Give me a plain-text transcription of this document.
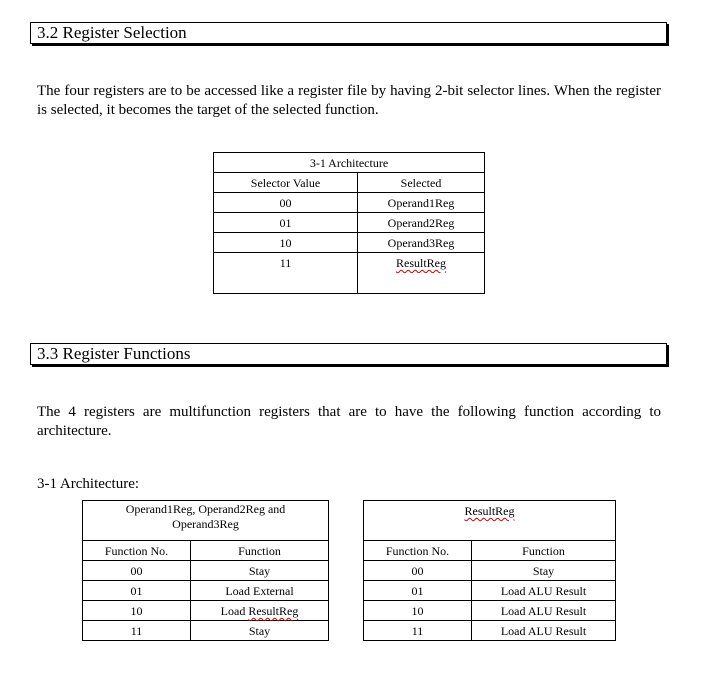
3.2 Register Selection
The four registers are to be accessed like a register file by having 2-bit selector lines. When the register is selected, it becomes the target of the selected function.
3-1 Architecture	
Selector Value	Selected
00	Operand1Reg
01	Operand2Reg
10	Operand3Reg
11	ResultReg
3.3 Register Functions
The 4 registers are multifunction registers that are to have the following function according to architecture.
3-1 Architecture:
Operand1Reg, Operand2Reg and Operand3Reg	
Function No.	Function
00	Stay
01	Load External
10	Load ResultReg
11	Stay
ResultReg	
Function No.	Function
00	Stay
01	Load ALU Result
10	Load ALU Result
11	Load ALU Result
